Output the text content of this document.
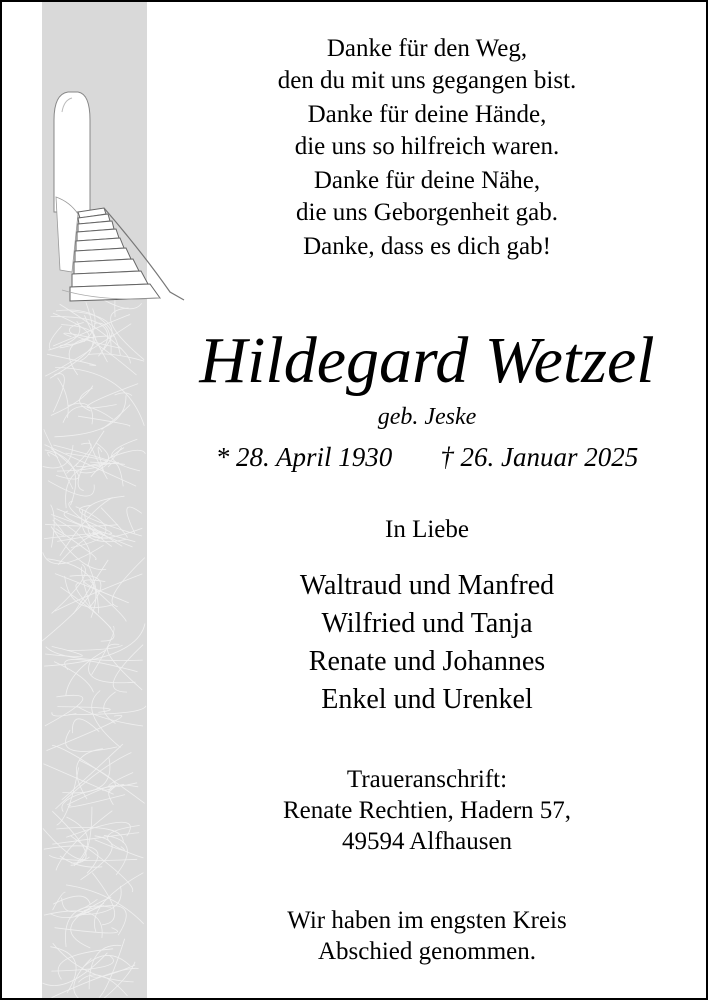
Danke für den Weg,
den du mit uns gegangen bist.

Danke für deine Hände,
die uns so hilfreich waren.

Danke für deine Nähe,
die uns Geborgenheit gab.

Danke, dass es dich gab!

Hildegard Wetzel
geb. Jeske
* 28. April 1930 † 26. Januar 2025
In Liebe
Waltraud und Manfred
Wilfried und Tanja
Renate und Johannes
Enkel und Urenkel
Traueranschrift:
Renate Rechtien, Hadern 57,
49594 Alfhausen
Wir haben im engsten Kreis
Abschied genommen.
